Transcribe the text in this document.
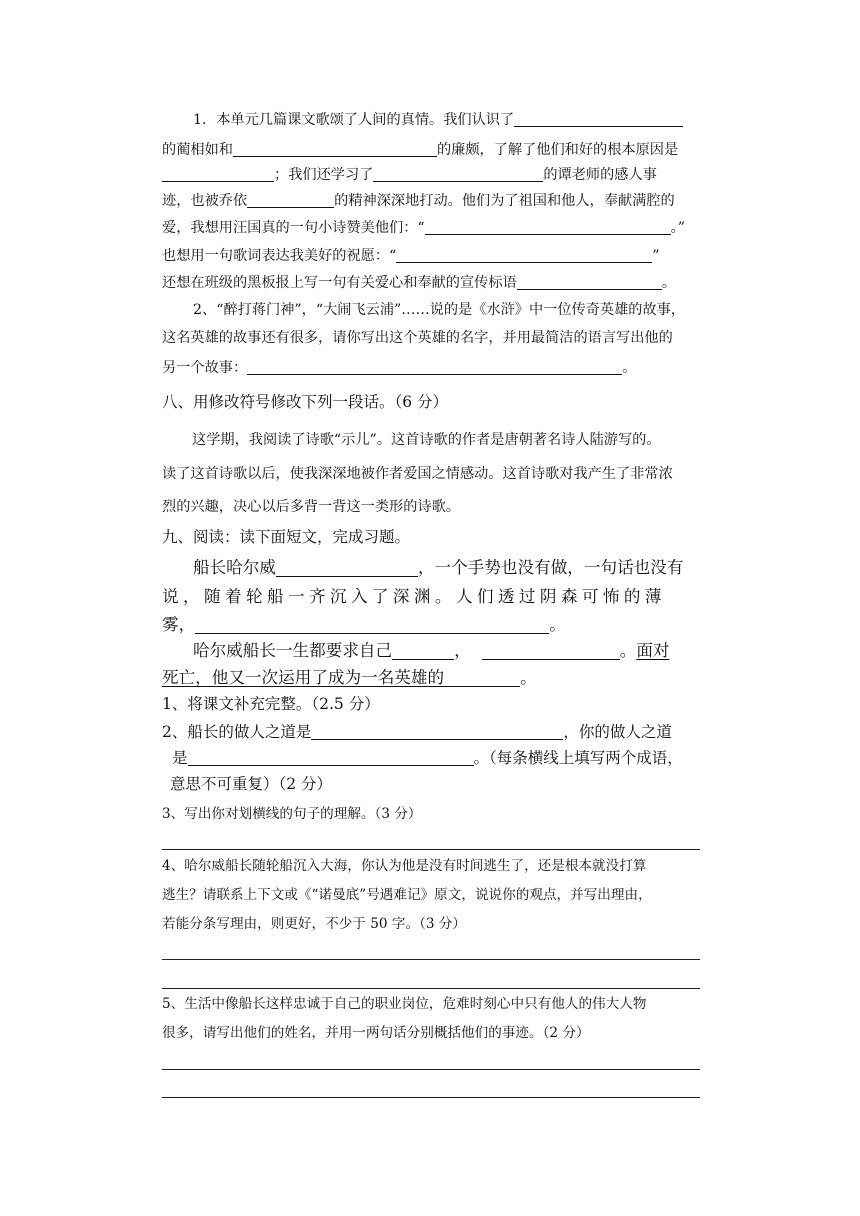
1．本单元几篇课文歌颂了人间的真情。我们认识了
的蔺相如和	的廉颇，了解了他们和好的根本原因是
；我们还学习了	的谭老师的感人事
迹，也被乔依	的精神深深地打动。他们为了祖国和他人，奉献满腔的
爱，我想用汪国真的一句小诗赞美他们：“	。”
也想用一句歌词表达我美好的祝愿：“	”
还想在班级的黑板报上写一句有关爱心和奉献的宣传标语	。
2、“醉打蒋门神”，“大闹飞云浦”……说的是《水浒》中一位传奇英雄的故事，
这名英雄的故事还有很多，请你写出这个英雄的名字，并用最简洁的语言写出他的
另一个故事：	。
八、用修改符号修改下列一段话。（6 分）
这学期，我阅读了诗歌“示儿”。这首诗歌的作者是唐朝著名诗人陆游写的。
读了这首诗歌以后，使我深深地被作者爱国之情感动。这首诗歌对我产生了非常浓
烈的兴趣，决心以后多背一背这一类形的诗歌。
九、阅读：读下面短文，完成习题。
船长哈尔威	，一个手势也没有做，一句话也没有
说，随着轮船一齐沉入了深渊。人们透过阴森可怖的薄
雾，	。
哈尔威船长一生都要求自己	，	。 面对
死亡，他又一次运用了成为一名英雄的	。
1、将课文补充完整。（2.5 分）
2、船长的做人之道是	，你的做人之道
是	。（每条横线上填写两个成语，
意思不可重复）（2 分）
3、写出你对划横线的句子的理解。（3 分）
4、哈尔威船长随轮船沉入大海，你认为他是没有时间逃生了，还是根本就没打算
逃生？请联系上下文或《“诺曼底”号遇难记》原文，说说你的观点，并写出理由，
若能分条写理由，则更好，不少于 50 字。（3 分）
5、生活中像船长这样忠诚于自己的职业岗位，危难时刻心中只有他人的伟大人物
很多，请写出他们的姓名，并用一两句话分别概括他们的事迹。（2 分）
